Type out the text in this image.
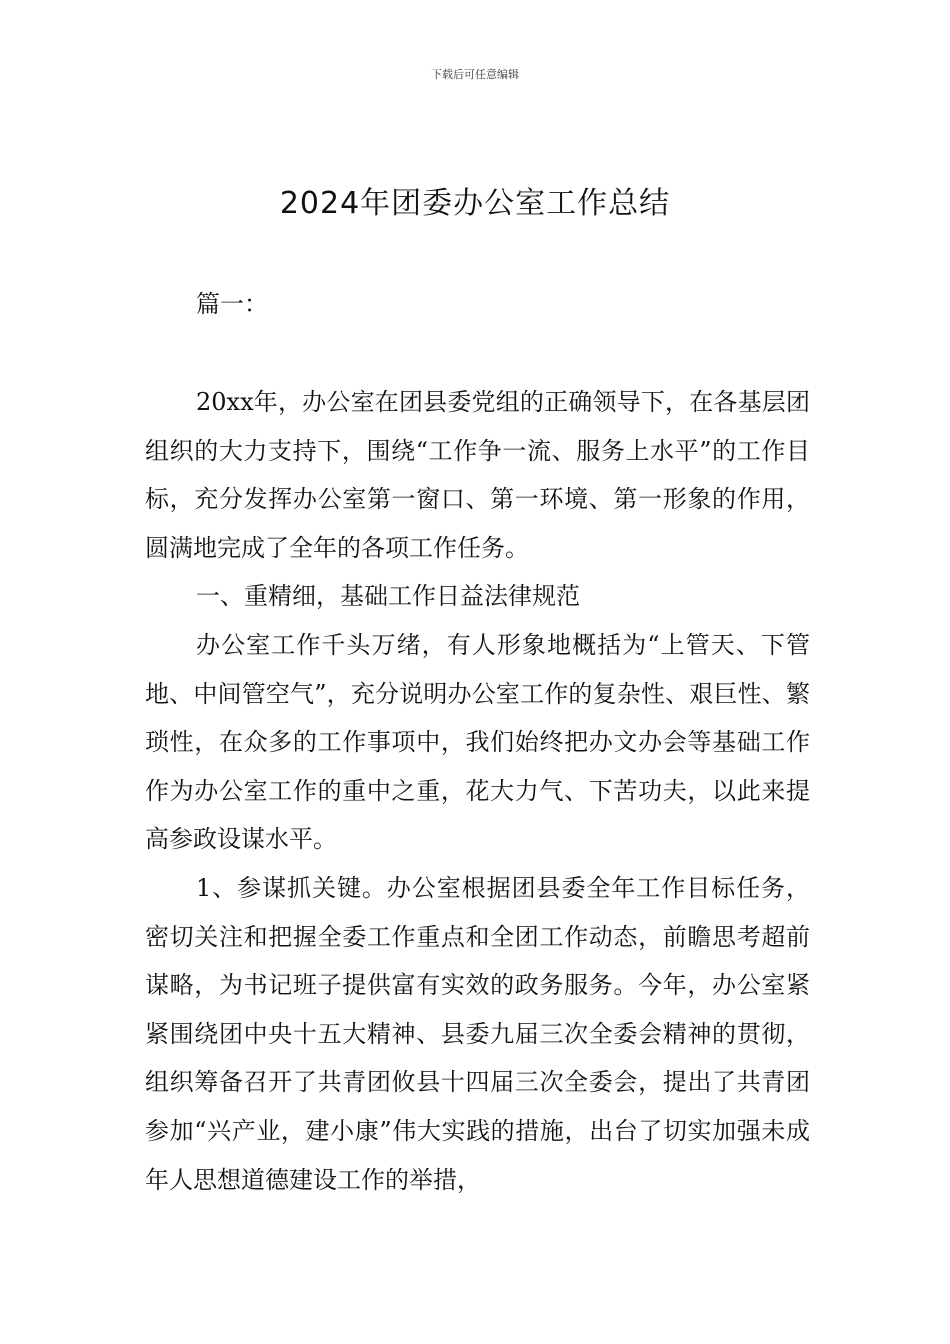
下载后可任意编辑
2024年团委办公室工作总结
篇一：

20xx年，办公室在团县委党组的正确领导下，在各基层团组织的大力支持下，围绕“工作争一流、服务上水平”的工作目标，充分发挥办公室第一窗口、第一环境、第一形象的作用，圆满地完成了全年的各项工作任务。

一、重精细，基础工作日益法律规范

办公室工作千头万绪，有人形象地概括为“上管天、下管地、中间管空气”，充分说明办公室工作的复杂性、艰巨性、繁琐性，在众多的工作事项中，我们始终把办文办会等基础工作作为办公室工作的重中之重，花大力气、下苦功夫，以此来提高参政设谋水平。

1、参谋抓关键。办公室根据团县委全年工作目标任务，密切关注和把握全委工作重点和全团工作动态，前瞻思考超前谋略，为书记班子提供富有实效的政务服务。今年，办公室紧紧围绕团中央十五大精神、县委九届三次全委会精神的贯彻，组织筹备召开了共青团攸县十四届三次全委会，提出了共青团参加“兴产业，建小康”伟大实践的措施，出台了切实加强未成年人思想道德建设工作的举措，
